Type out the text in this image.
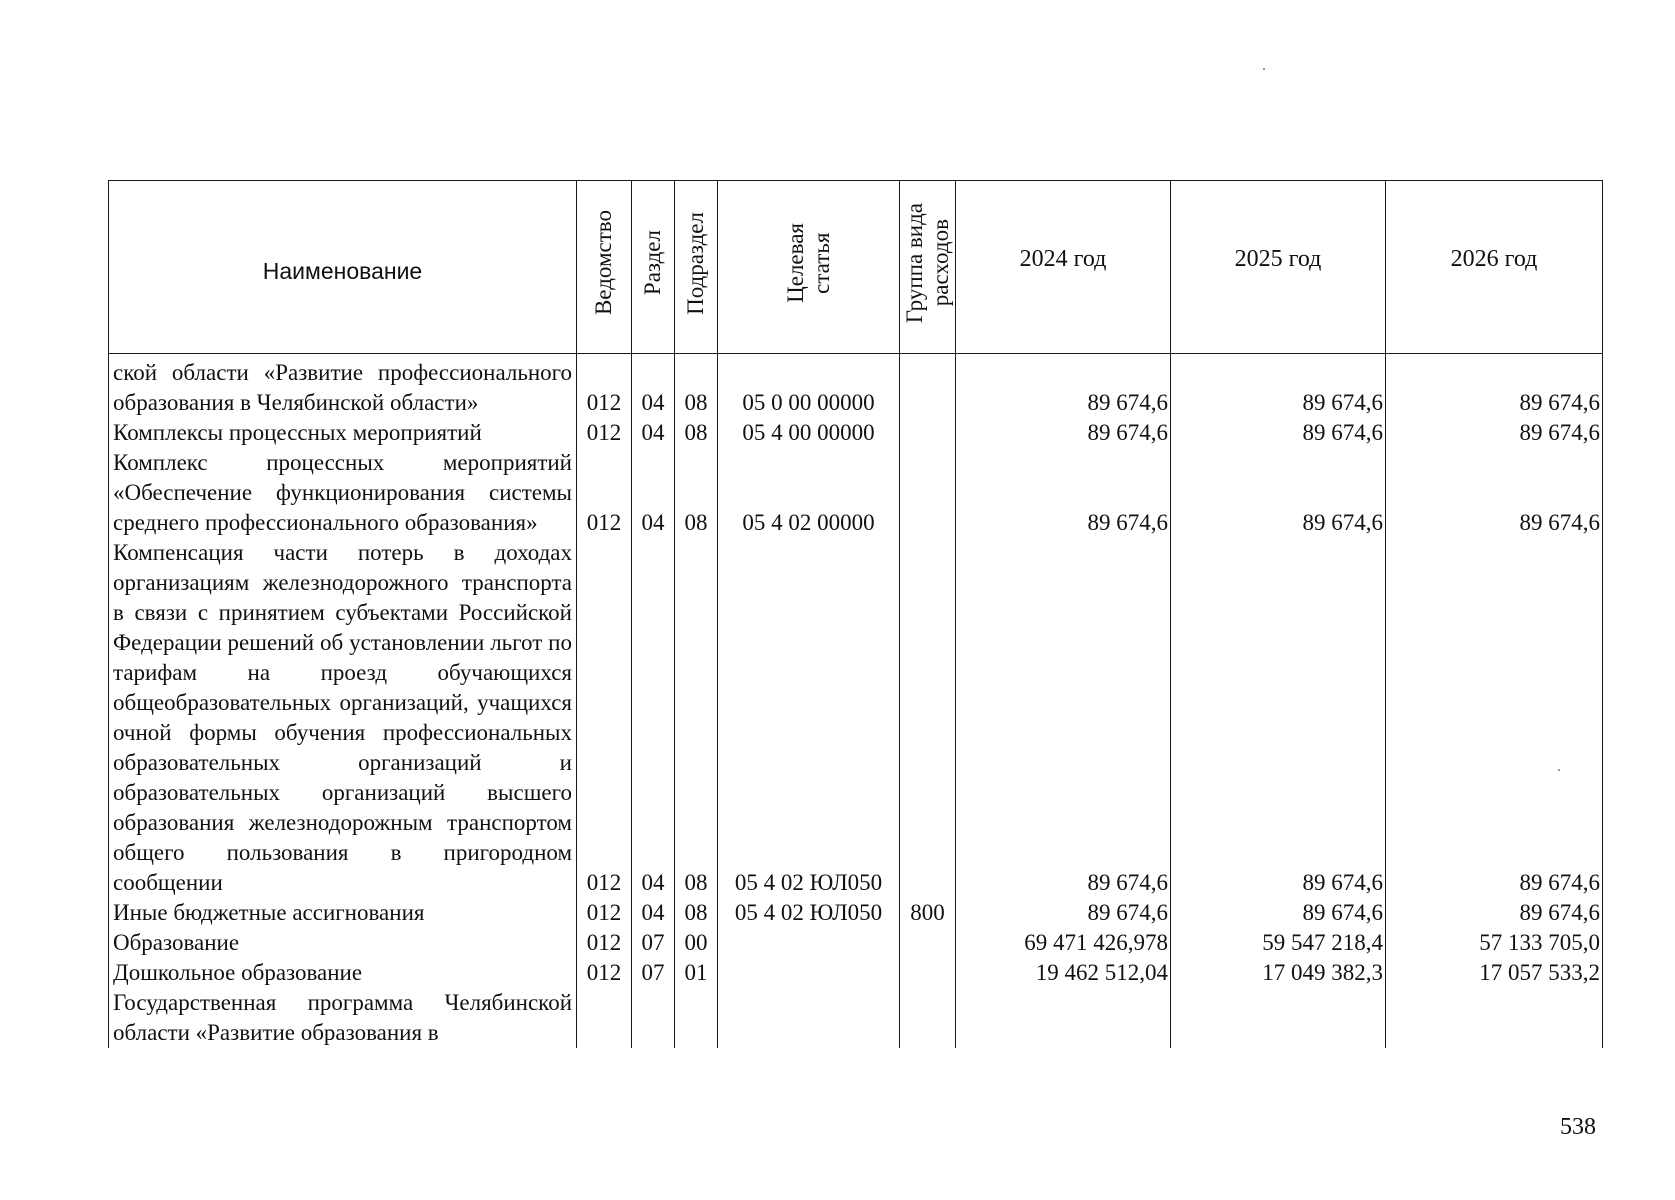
Наименование	Ведомство	Раздел	Подраздел	Целевая статья	Группа вида расходов	2024 год	2025 год	2026 год

ской области «Развитие профессионального образования в Челябинской области»	012	04	08	05 0 00 00000		89 674,6	89 674,6	89 674,6
Комплексы процессных мероприятий	012	04	08	05 4 00 00000		89 674,6	89 674,6	89 674,6
Комплекс процессных мероприятий «Обеспечение функционирования системы среднего профессионального образования»	012	04	08	05 4 02 00000		89 674,6	89 674,6	89 674,6
Компенсация части потерь в доходах организациям железнодорожного транспорта в связи с принятием субъектами Российской Федерации решений об установлении льгот по тарифам на проезд обучающихся общеобразовательных организаций, учащихся очной формы обучения профессиональных образовательных организаций и образовательных организаций высшего образования железнодорожным транспортом общего пользования в пригородном сообщении	012	04	08	05 4 02 ЮЛ050		89 674,6	89 674,6	89 674,6
Иные бюджетные ассигнования	012	04	08	05 4 02 ЮЛ050	800	89 674,6	89 674,6	89 674,6
Образование	012	07	00			69 471 426,978	59 547 218,4	57 133 705,0
Дошкольное образование	012	07	01			19 462 512,04	17 049 382,3	17 057 533,2
Государственная программа Челябинской области «Развитие образования в								
538
